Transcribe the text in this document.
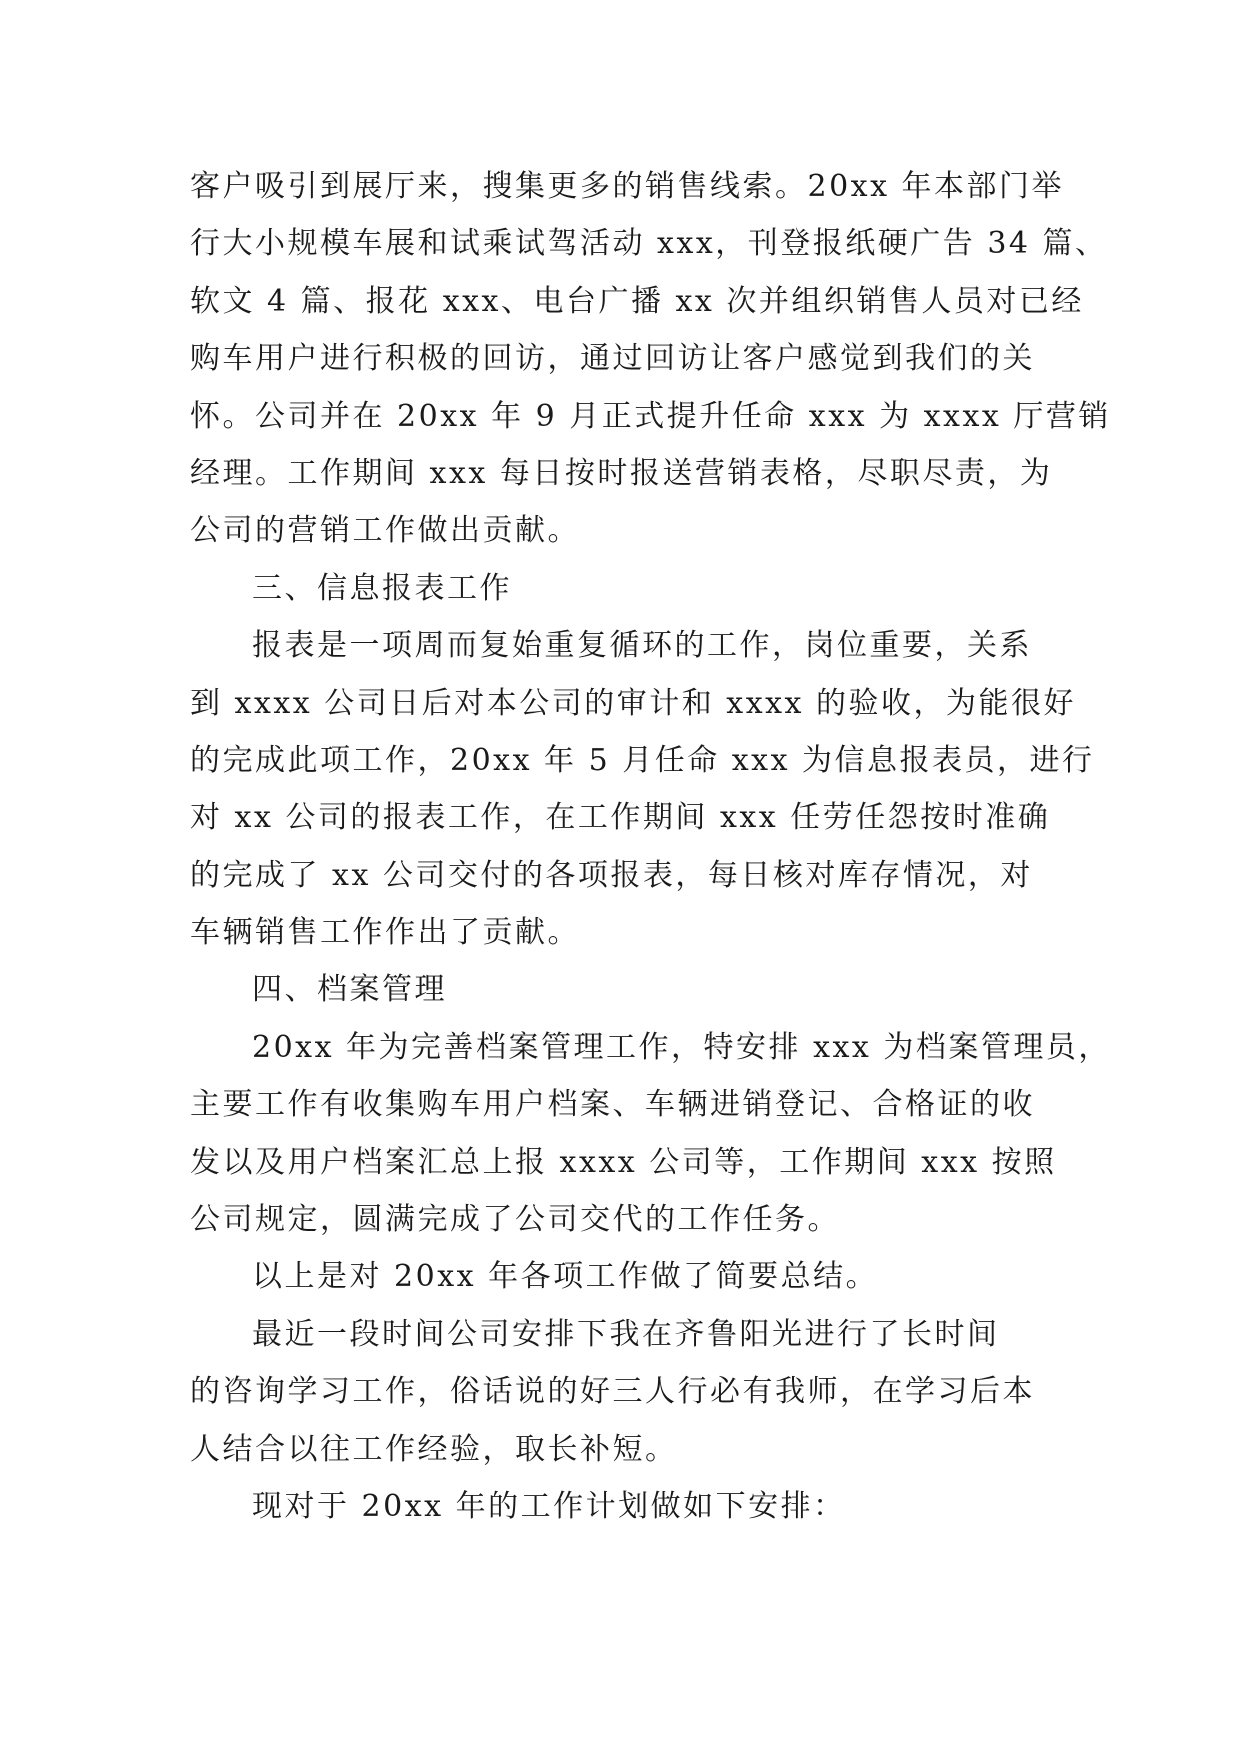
客户吸引到展厅来，搜集更多的销售线索。20xx 年本部门举
行大小规模车展和试乘试驾活动 xxx，刊登报纸硬广告 34 篇、
软文 4 篇、报花 xxx、电台广播 xx 次并组织销售人员对已经
购车用户进行积极的回访，通过回访让客户感觉到我们的关
怀。公司并在 20xx 年 9 月正式提升任命 xxx 为 xxxx 厅营销
经理。工作期间 xxx 每日按时报送营销表格，尽职尽责，为
公司的营销工作做出贡献。
三、信息报表工作
报表是一项周而复始重复循环的工作，岗位重要，关系
到 xxxx 公司日后对本公司的审计和 xxxx 的验收，为能很好
的完成此项工作，20xx 年 5 月任命 xxx 为信息报表员，进行
对 xx 公司的报表工作，在工作期间 xxx 任劳任怨按时准确
的完成了 xx 公司交付的各项报表，每日核对库存情况，对
车辆销售工作作出了贡献。
四、档案管理
20xx 年为完善档案管理工作，特安排 xxx 为档案管理员，
主要工作有收集购车用户档案、车辆进销登记、合格证的收
发以及用户档案汇总上报 xxxx 公司等，工作期间 xxx 按照
公司规定，圆满完成了公司交代的工作任务。
以上是对 20xx 年各项工作做了简要总结。
最近一段时间公司安排下我在齐鲁阳光进行了长时间
的咨询学习工作，俗话说的好三人行必有我师，在学习后本
人结合以往工作经验，取长补短。
现对于 20xx 年的工作计划做如下安排：
